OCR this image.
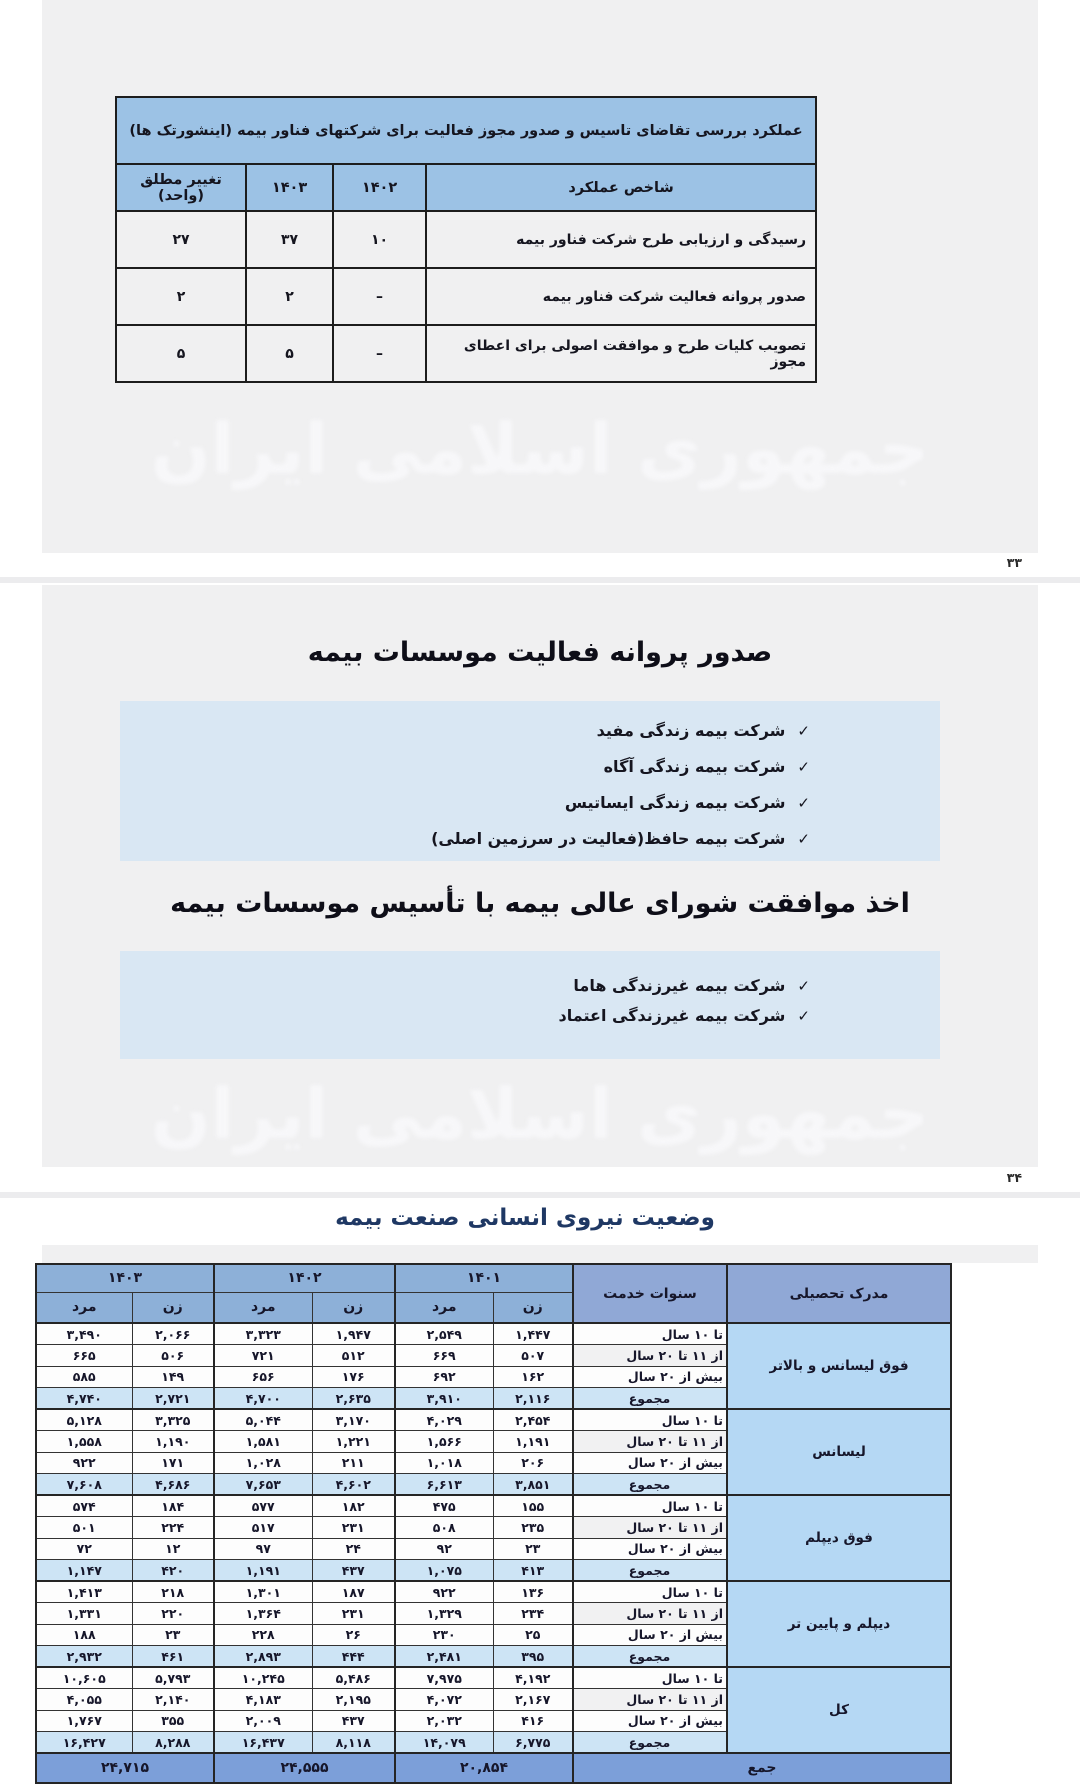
جمهوری اسلامی ایران
عملکرد بررسی تقاضای تاسیس و صدور مجوز فعالیت برای شرکتهای فناور بیمه (اینشورتک ها)			
شاخص عملکرد	۱۴۰۲	۱۴۰۳	تغییر مطلق (واحد)
رسیدگی و ارزیابی طرح شرکت فناور بیمه	۱۰	۳۷	۲۷
صدور پروانه فعالیت شرکت فناور بیمه	–	۲	۲
تصویب کلیات طرح و موافقت اصولی برای اعطای مجوز	–	۵	۵
۳۳
صدور پروانه فعالیت موسسات بیمه
✓شرکت بیمه زندگی مفید
✓شرکت بیمه زندگی آگاه
✓شرکت بیمه زندگی ایساتیس
✓شرکت بیمه حافظ(فعالیت در سرزمین اصلی)
اخذ موافقت شورای عالی بیمه با تأسیس موسسات بیمه
✓شرکت بیمه غیرزندگی هاما
✓شرکت بیمه غیرزندگی اعتماد
جمهوری اسلامی ایران
۳۴
وضعیت نیروی انسانی صنعت بیمه
مدرک تحصیلی	سنوات خدمت	۱۴۰۱		۱۴۰۲		۱۴۰۳	
		زن	مرد	زن	مرد	زن	مرد
فوق لیسانس و بالاتر	تا ۱۰ سال	۱,۴۴۷	۲,۵۴۹	۱,۹۴۷	۳,۳۲۳	۲,۰۶۶	۳,۴۹۰
	از ۱۱ تا ۲۰ سال	۵۰۷	۶۶۹	۵۱۲	۷۲۱	۵۰۶	۶۶۵
	بیش از ۲۰ سال	۱۶۲	۶۹۲	۱۷۶	۶۵۶	۱۴۹	۵۸۵
	مجموع	۲,۱۱۶	۳,۹۱۰	۲,۶۳۵	۴,۷۰۰	۲,۷۲۱	۴,۷۴۰
لیسانس	تا ۱۰ سال	۲,۴۵۴	۴,۰۲۹	۳,۱۷۰	۵,۰۴۴	۳,۳۲۵	۵,۱۲۸
	از ۱۱ تا ۲۰ سال	۱,۱۹۱	۱,۵۶۶	۱,۲۲۱	۱,۵۸۱	۱,۱۹۰	۱,۵۵۸
	بیش از ۲۰ سال	۲۰۶	۱,۰۱۸	۲۱۱	۱,۰۲۸	۱۷۱	۹۲۲
	مجموع	۳,۸۵۱	۶,۶۱۳	۴,۶۰۲	۷,۶۵۳	۴,۶۸۶	۷,۶۰۸
فوق دیپلم	تا ۱۰ سال	۱۵۵	۴۷۵	۱۸۲	۵۷۷	۱۸۴	۵۷۴
	از ۱۱ تا ۲۰ سال	۲۳۵	۵۰۸	۲۳۱	۵۱۷	۲۲۴	۵۰۱
	بیش از ۲۰ سال	۲۳	۹۲	۲۴	۹۷	۱۲	۷۲
	مجموع	۴۱۳	۱,۰۷۵	۴۳۷	۱,۱۹۱	۴۲۰	۱,۱۴۷
دیپلم و پایین تر	تا ۱۰ سال	۱۳۶	۹۲۲	۱۸۷	۱,۳۰۱	۲۱۸	۱,۴۱۳
	از ۱۱ تا ۲۰ سال	۲۳۴	۱,۳۲۹	۲۳۱	۱,۳۶۴	۲۲۰	۱,۳۳۱
	بیش از ۲۰ سال	۲۵	۲۳۰	۲۶	۲۲۸	۲۳	۱۸۸
	مجموع	۳۹۵	۲,۴۸۱	۴۴۴	۲,۸۹۳	۴۶۱	۲,۹۳۲
کل	تا ۱۰ سال	۴,۱۹۲	۷,۹۷۵	۵,۴۸۶	۱۰,۲۴۵	۵,۷۹۳	۱۰,۶۰۵
	از ۱۱ تا ۲۰ سال	۲,۱۶۷	۴,۰۷۲	۲,۱۹۵	۴,۱۸۳	۲,۱۴۰	۴,۰۵۵
	بیش از ۲۰ سال	۴۱۶	۲,۰۳۲	۴۳۷	۲,۰۰۹	۳۵۵	۱,۷۶۷
	مجموع	۶,۷۷۵	۱۴,۰۷۹	۸,۱۱۸	۱۶,۴۳۷	۸,۲۸۸	۱۶,۴۲۷
جمع		۲۰,۸۵۴		۲۴,۵۵۵		۲۴,۷۱۵	
